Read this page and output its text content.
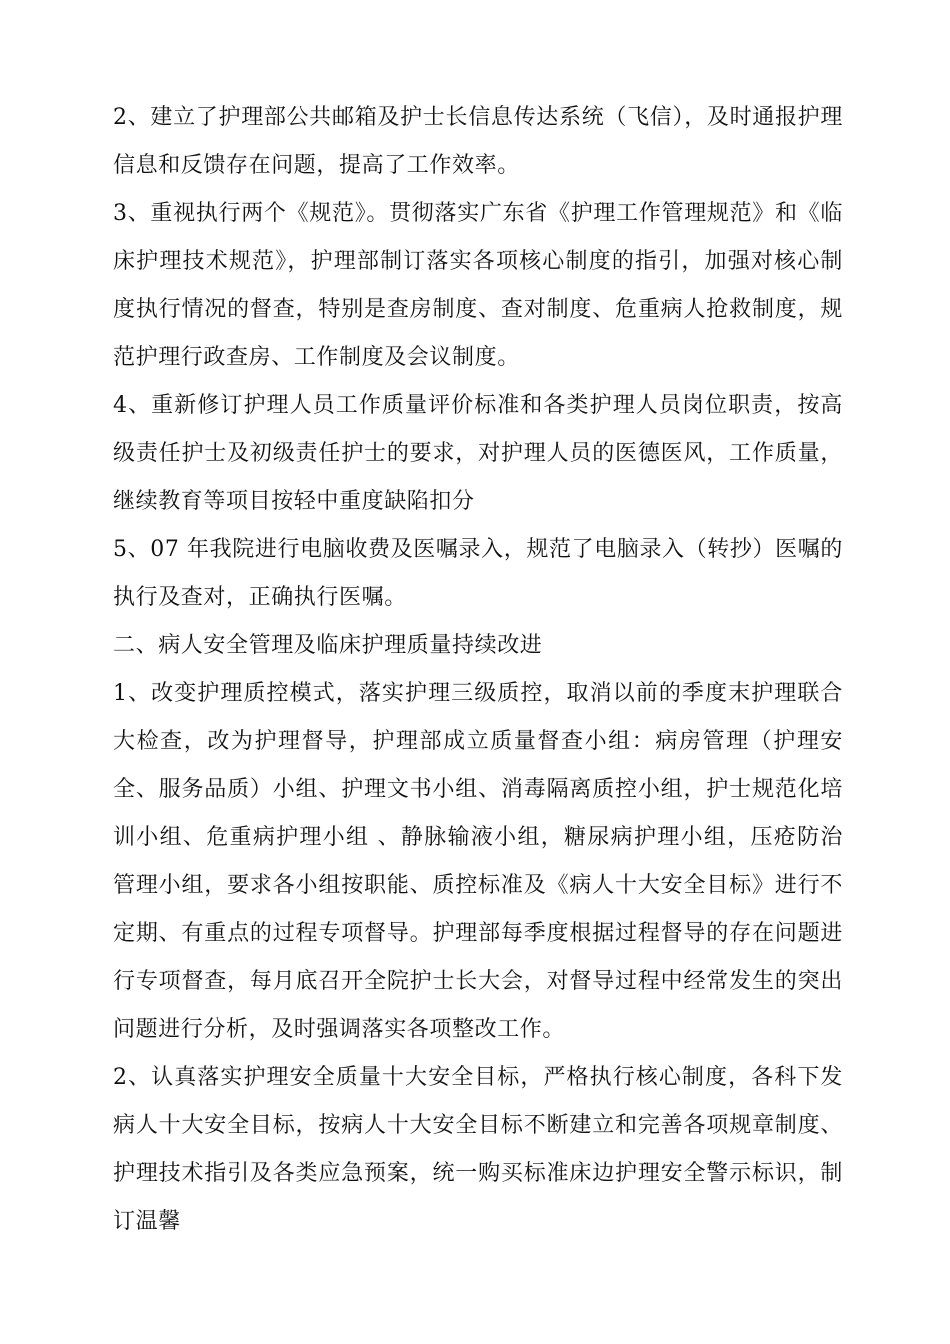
2、建立了护理部公共邮箱及护士长信息传达系统（飞信），及时通报护理信息和反馈存在问题，提高了工作效率。

3、重视执行两个《规范》。贯彻落实广东省《护理工作管理规范》和《临床护理技术规范》，护理部制订落实各项核心制度的指引，加强对核心制度执行情况的督查，特别是查房制度、查对制度、危重病人抢救制度，规范护理行政查房、工作制度及会议制度。

4、重新修订护理人员工作质量评价标准和各类护理人员岗位职责，按高级责任护士及初级责任护士的要求，对护理人员的医德医风，工作质量，继续教育等项目按轻中重度缺陷扣分

5、07 年我院进行电脑收费及医嘱录入，规范了电脑录入（转抄）医嘱的执行及查对，正确执行医嘱。

二、病人安全管理及临床护理质量持续改进

1、改变护理质控模式，落实护理三级质控，取消以前的季度末护理联合大检查，改为护理督导，护理部成立质量督查小组：病房管理（护理安全、服务品质）小组、护理文书小组、消毒隔离质控小组，护士规范化培训小组、危重病护理小组 、静脉输液小组，糖尿病护理小组，压疮防治管理小组，要求各小组按职能、质控标准及《病人十大安全目标》进行不定期、有重点的过程专项督导。护理部每季度根据过程督导的存在问题进行专项督查，每月底召开全院护士长大会，对督导过程中经常发生的突出问题进行分析，及时强调落实各项整改工作。

2、认真落实护理安全质量十大安全目标，严格执行核心制度，各科下发病人十大安全目标，按病人十大安全目标不断建立和完善各项规章制度、护理技术指引及各类应急预案，统一购买标准床边护理安全警示标识，制订温馨
